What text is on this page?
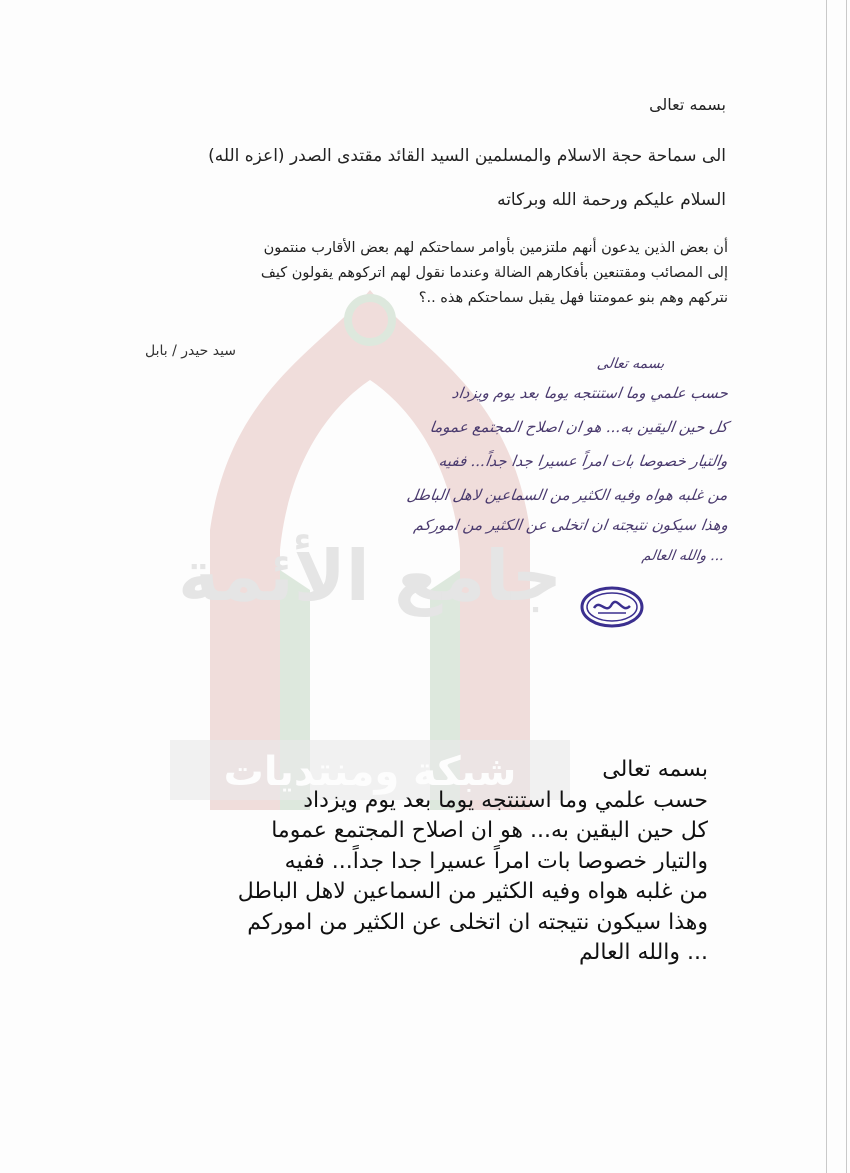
جامع الأئمة
شبكة ومنتديات
بسمه تعالى
الى سماحة حجة الاسلام والمسلمين السيد القائد مقتدى الصدر (اعزه الله)
السلام عليكم ورحمة الله وبركاته
أن بعض الذين يدعون أنهم ملتزمين بأوامر سماحتكم لهم بعض الأقارب منتمون
إلى المصائب ومقتنعين بأفكارهم الضالة وعندما نقول لهم اتركوهم يقولون كيف
نتركهم وهم بنو عمومتنا فهل يقبل سماحتكم هذه ..؟
سيد حيدر / بابل
بسمه تعالى
حسب علمي وما استنتجه يوما بعد يوم ويزداد
كل حين اليقين به... هو ان اصلاح المجتمع عموما
والتيار خصوصا بات امراً عسيرا جدا جداً... ففيه
من غلبه هواه وفيه الكثير من السماعين لاهل الباطل
وهذا سيكون نتيجته ان اتخلى عن الكثير من اموركم
... والله العالم
بسمه تعالى
حسب علمي وما استنتجه يوما بعد يوم ويزداد
كل حين اليقين به... هو ان اصلاح المجتمع عموما
والتيار خصوصا بات امراً عسيرا جدا جداً... ففيه
من غلبه هواه وفيه الكثير من السماعين لاهل الباطل
وهذا سيكون نتيجته ان اتخلى عن الكثير من اموركم
... والله العالم
